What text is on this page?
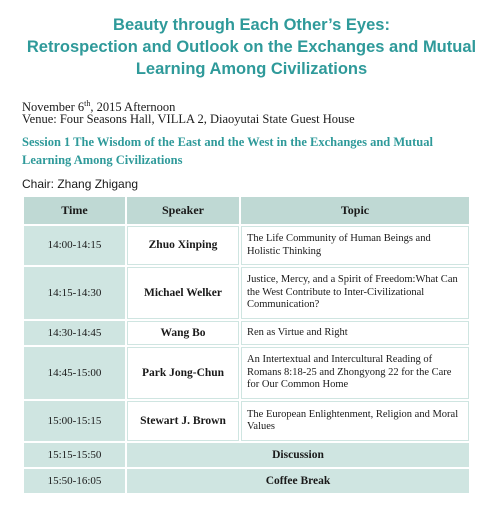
Beauty through Each Other’s Eyes:
Retrospection and Outlook on the Exchanges and Mutual
Learning Among Civilizations
November 6th, 2015 Afternoon
Venue: Four Seasons Hall, VILLA 2, Diaoyutai State Guest House
Session 1 The Wisdom of the East and the West in the Exchanges and Mutual
Learning Among Civilizations
Chair: Zhang Zhigang
Time	Speaker	Topic
14:00-14:15	Zhuo Xinping	The Life Community of Human Beings and Holistic Thinking
14:15-14:30	Michael Welker	Justice, Mercy, and a Spirit of Freedom:What Can the West Contribute to Inter-Civilizational Communication?
14:30-14:45	Wang Bo	Ren as Virtue and Right
14:45-15:00	Park Jong-Chun	An Intertextual and Intercultural Reading of Romans 8:18-25 and Zhongyong 22 for the Care for Our Common Home
15:00-15:15	Stewart J. Brown	The European Enlightenment, Religion and Moral Values
15:15-15:50	Discussion	
15:50-16:05	Coffee Break	
